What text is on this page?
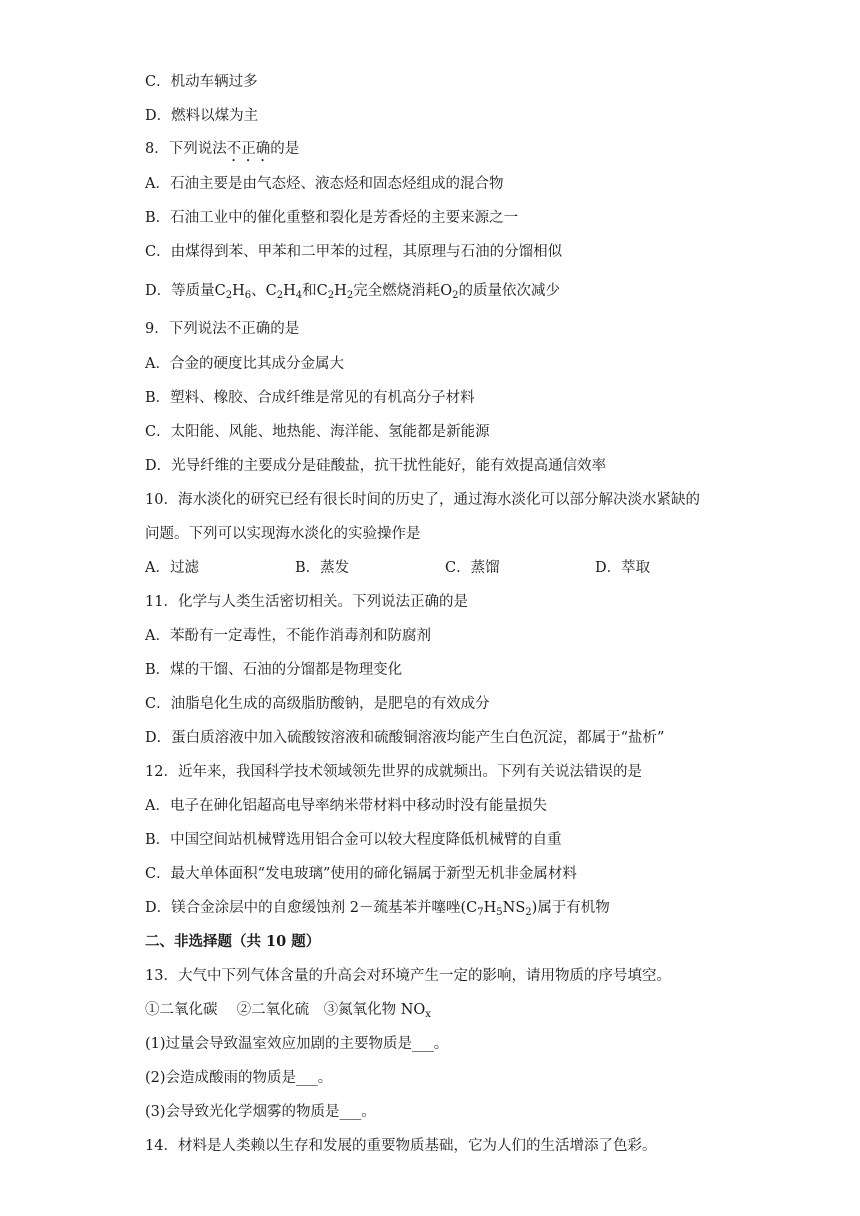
C．机动车辆过多
D．燃料以煤为主
8．下列说法不正确的是
A．石油主要是由气态烃、液态烃和固态烃组成的混合物
B．石油工业中的催化重整和裂化是芳香烃的主要来源之一
C．由煤得到苯、甲苯和二甲苯的过程，其原理与石油的分馏相似
D．等质量$C_2H_6$、$C_2H_4$和$C_2H_2$完全燃烧消耗$O_2$的质量依次减少
9．下列说法不正确的是
A．合金的硬度比其成分金属大
B．塑料、橡胶、合成纤维是常见的有机高分子材料
C．太阳能、风能、地热能、海洋能、氢能都是新能源
D．光导纤维的主要成分是硅酸盐，抗干扰性能好，能有效提高通信效率
10．海水淡化的研究已经有很长时间的历史了，通过海水淡化可以部分解决淡水紧缺的
问题。下列可以实现海水淡化的实验操作是
A．过滤	B．蒸发	C．蒸馏	D．萃取
11．化学与人类生活密切相关。下列说法正确的是
A．苯酚有一定毒性，不能作消毒剂和防腐剂
B．煤的干馏、石油的分馏都是物理变化
C．油脂皂化生成的高级脂肪酸钠，是肥皂的有效成分
D．蛋白质溶液中加入硫酸铵溶液和硫酸铜溶液均能产生白色沉淀，都属于“盐析”
12．近年来，我国科学技术领域领先世界的成就频出。下列有关说法错误的是
A．电子在砷化铝超高电导率纳米带材料中移动时没有能量损失
B．中国空间站机械臂选用铝合金可以较大程度降低机械臂的自重
C．最大单体面积“发电玻璃”使用的碲化镉属于新型无机非金属材料
D．镁合金涂层中的自愈缓蚀剂 2－巯基苯并噻唑$(C_7H_5NS_2)$属于有机物
二、非选择题（共 10 题）
13．大气中下列气体含量的升高会对环境产生一定的影响，请用物质的序号填空。
①二氧化碳　 ②二氧化硫　③氮氧化物 $NO_x$
(1)过量会导致温室效应加剧的主要物质是___。
(2)会造成酸雨的物质是___。
(3)会导致光化学烟雾的物质是___。
14．材料是人类赖以生存和发展的重要物质基础，它为人们的生活增添了色彩。
